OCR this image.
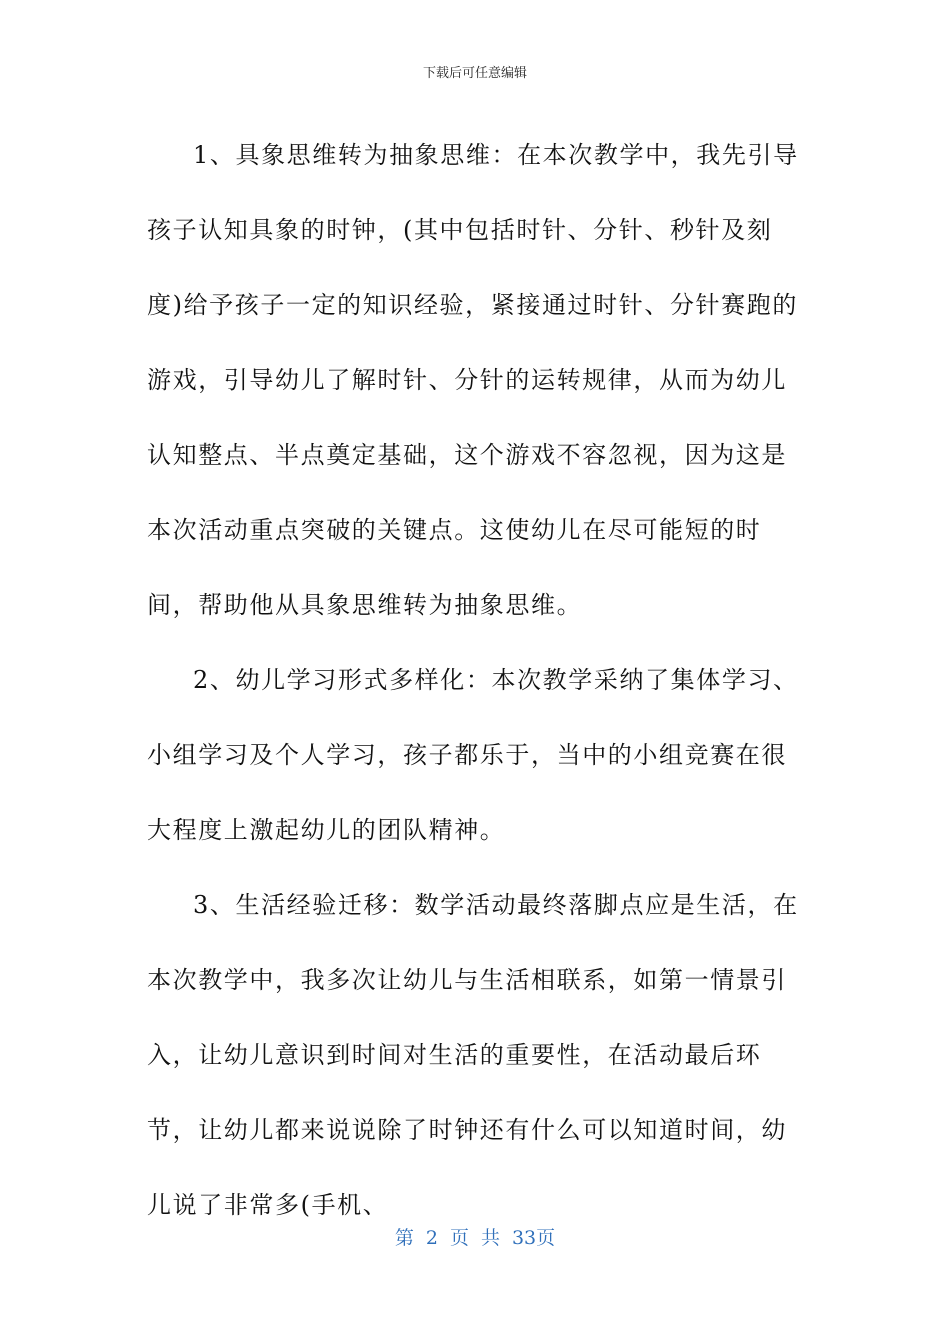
下载后可任意编辑

1、具象思维转为抽象思维：在本次教学中，我先引导孩子认知具象的时钟，(其中包括时针、分针、秒针及刻度)给予孩子一定的知识经验，紧接通过时针、分针赛跑的游戏，引导幼儿了解时针、分针的运转规律，从而为幼儿认知整点、半点奠定基础，这个游戏不容忽视，因为这是本次活动重点突破的关键点。这使幼儿在尽可能短的时间，帮助他从具象思维转为抽象思维。

2、幼儿学习形式多样化：本次教学采纳了集体学习、小组学习及个人学习，孩子都乐于，当中的小组竞赛在很大程度上激起幼儿的团队精神。

3、生活经验迁移：数学活动最终落脚点应是生活，在本次教学中，我多次让幼儿与生活相联系，如第一情景引入，让幼儿意识到时间对生活的重要性，在活动最后环节，让幼儿都来说说除了时钟还有什么可以知道时间，幼儿说了非常多(手机、

第 2 页 共 33页
